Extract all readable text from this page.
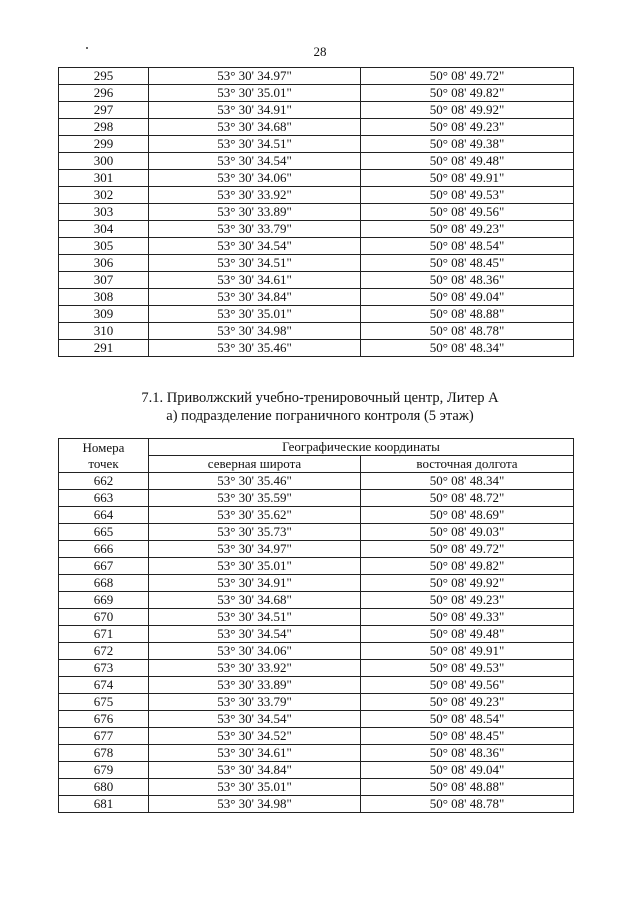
28
295	53° 30' 34.97"	50° 08' 49.72"
296	53° 30' 35.01"	50° 08' 49.82"
297	53° 30' 34.91"	50° 08' 49.92"
298	53° 30' 34.68"	50° 08' 49.23"
299	53° 30' 34.51"	50° 08' 49.38"
300	53° 30' 34.54"	50° 08' 49.48"
301	53° 30' 34.06"	50° 08' 49.91"
302	53° 30' 33.92"	50° 08' 49.53"
303	53° 30' 33.89"	50° 08' 49.56"
304	53° 30' 33.79"	50° 08' 49.23"
305	53° 30' 34.54"	50° 08' 48.54"
306	53° 30' 34.51"	50° 08' 48.45"
307	53° 30' 34.61"	50° 08' 48.36"
308	53° 30' 34.84"	50° 08' 49.04"
309	53° 30' 35.01"	50° 08' 48.88"
310	53° 30' 34.98"	50° 08' 48.78"
291	53° 30' 35.46"	50° 08' 48.34"
7.1. Приволжский учебно-тренировочный центр, Литер А
а) подразделение пограничного контроля (5 этаж)
Номера точек	Географические координаты	
	северная широта	восточная долгота
662	53° 30' 35.46"	50° 08' 48.34"
663	53° 30' 35.59"	50° 08' 48.72"
664	53° 30' 35.62"	50° 08' 48.69"
665	53° 30' 35.73"	50° 08' 49.03"
666	53° 30' 34.97"	50° 08' 49.72"
667	53° 30' 35.01"	50° 08' 49.82"
668	53° 30' 34.91"	50° 08' 49.92"
669	53° 30' 34.68"	50° 08' 49.23"
670	53° 30' 34.51"	50° 08' 49.33"
671	53° 30' 34.54"	50° 08' 49.48"
672	53° 30' 34.06"	50° 08' 49.91"
673	53° 30' 33.92"	50° 08' 49.53"
674	53° 30' 33.89"	50° 08' 49.56"
675	53° 30' 33.79"	50° 08' 49.23"
676	53° 30' 34.54"	50° 08' 48.54"
677	53° 30' 34.52"	50° 08' 48.45"
678	53° 30' 34.61"	50° 08' 48.36"
679	53° 30' 34.84"	50° 08' 49.04"
680	53° 30' 35.01"	50° 08' 48.88"
681	53° 30' 34.98"	50° 08' 48.78"
